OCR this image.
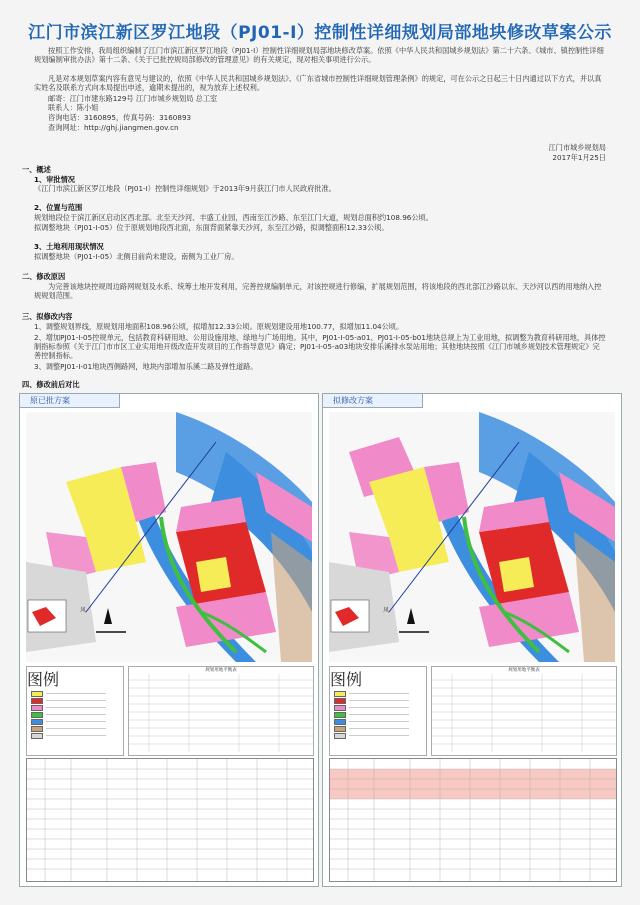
江门市滨江新区罗江地段（PJ01-I）控制性详细规划局部地块修改草案公示
按照工作安排，我局组织编制了江门市滨江新区罗江地段（PJ01-I）控制性详细规划局部地块修改草案。依照《中华人民共和国城乡规划法》第二十六条、《城市、镇控制性详细规划编制审批办法》第十二条、《关于已批控规局部修改的管理意见》的有关规定，现对相关事项进行公示。
凡是对本规划草案内容有意见与建议的，依照《中华人民共和国城乡规划法》、《广东省城市控制性详细规划管理条例》的规定，可在公示之日起三十日内通过以下方式，并以真实姓名及联系方式向本局提出申述，逾期未提出的，视为放弃上述权利。
邮寄：江门市建东路129号 江门市城乡规划局 总工室
联系人：陈小姐
咨询电话：3160895，传真号码：3160893
查询网址：http://ghj.jiangmen.gov.cn
江门市城乡规划局
2017年1月25日
一、概述
1、审批情况
《江门市滨江新区罗江地段（PJ01-I）控制性详细规划》于2013年9月获江门市人民政府批准。
2、位置与范围
规划地段位于滨江新区启动区西北部。北至天沙河、丰盛工业园，西南至江沙路、东至江门大道，规划总面积约108.96公顷。
拟调整地块（PJ01-I-05）位于原规划地段西北面，东面背面紧靠天沙河，东至江沙路，拟调整面积12.33公顷。
3、土地利用现状情况
拟调整地块（PJ01-I-05）北侧目前尚未建设，南侧为工业厂房。
二、修改原因
为完善该地块控规周边路网规划及水系、统筹土地开发利用，完善控规编制单元，对该控规进行修编，扩展规划范围，将该地段的西北部江沙路以东、天沙河以西的用地纳入控规规划范围。
三、拟修改内容
1、调整规划界线，原规划用地面积108.96公顷，拟增加12.33公顷。原规划建设用地100.77，拟增加11.04公顷。
2、增加PJ01-I-05控规单元，包括教育科研用地、公用设施用地、绿地与广场用地。其中，PJ01-I-05-a01、PJ01-I-05-b01地块总规上为工业用地，拟调整为教育科研用地，具体控制指标参照《关于江门市市区工业实用地开级改造开发项目的工作指导意见》确定；PJ01-I-05-a03地块安排乐溪排水泵站用地；其他地块按照《江门市城乡规划技术管理规定》完善控制指标。
3、调整PJ01-I-01地块西侧路网，地块内部增加乐溪二路及弹性道路。
四、修改前后对比
原已批方案
风
图例	规划用地平衡表
拟修改方案
风
图例	规划用地平衡表
